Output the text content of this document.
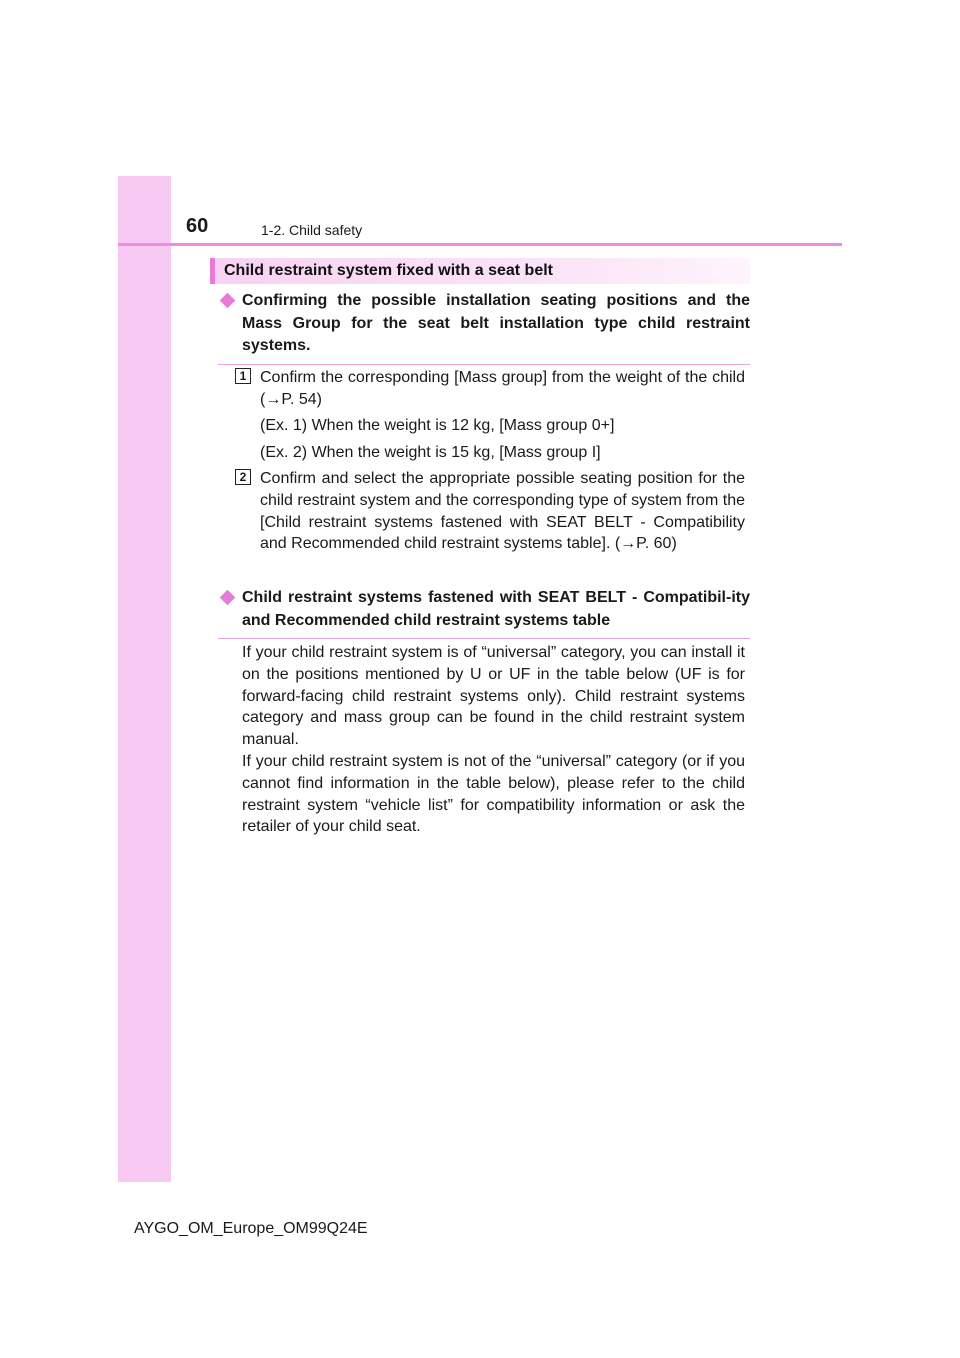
60	1-2. Child safety
Child restraint system fixed with a seat belt
Confirming the possible installation seating positions and the Mass Group for the seat belt installation type child restraint systems.
1 Confirm the corresponding [Mass group] from the weight of the child (→P. 54)
(Ex. 1) When the weight is 12 kg, [Mass group 0+]
(Ex. 2) When the weight is 15 kg, [Mass group I]
2 Confirm and select the appropriate possible seating position for the child restraint system and the corresponding type of system from the [Child restraint systems fastened with SEAT BELT - Compatibility and Recommended child restraint systems table]. (→P. 60)
Child restraint systems fastened with SEAT BELT - Compatibil-ity and Recommended child restraint systems table

If your child restraint system is of “universal” category, you can install it on the positions mentioned by U or UF in the table below (UF is for forward-facing child restraint systems only). Child restraint systems category and mass group can be found in the child restraint system manual.

If your child restraint system is not of the “universal” category (or if you cannot find information in the table below), please refer to the child restraint system “vehicle list” for compatibility information or ask the retailer of your child seat.

AYGO_OM_Europe_OM99Q24E
